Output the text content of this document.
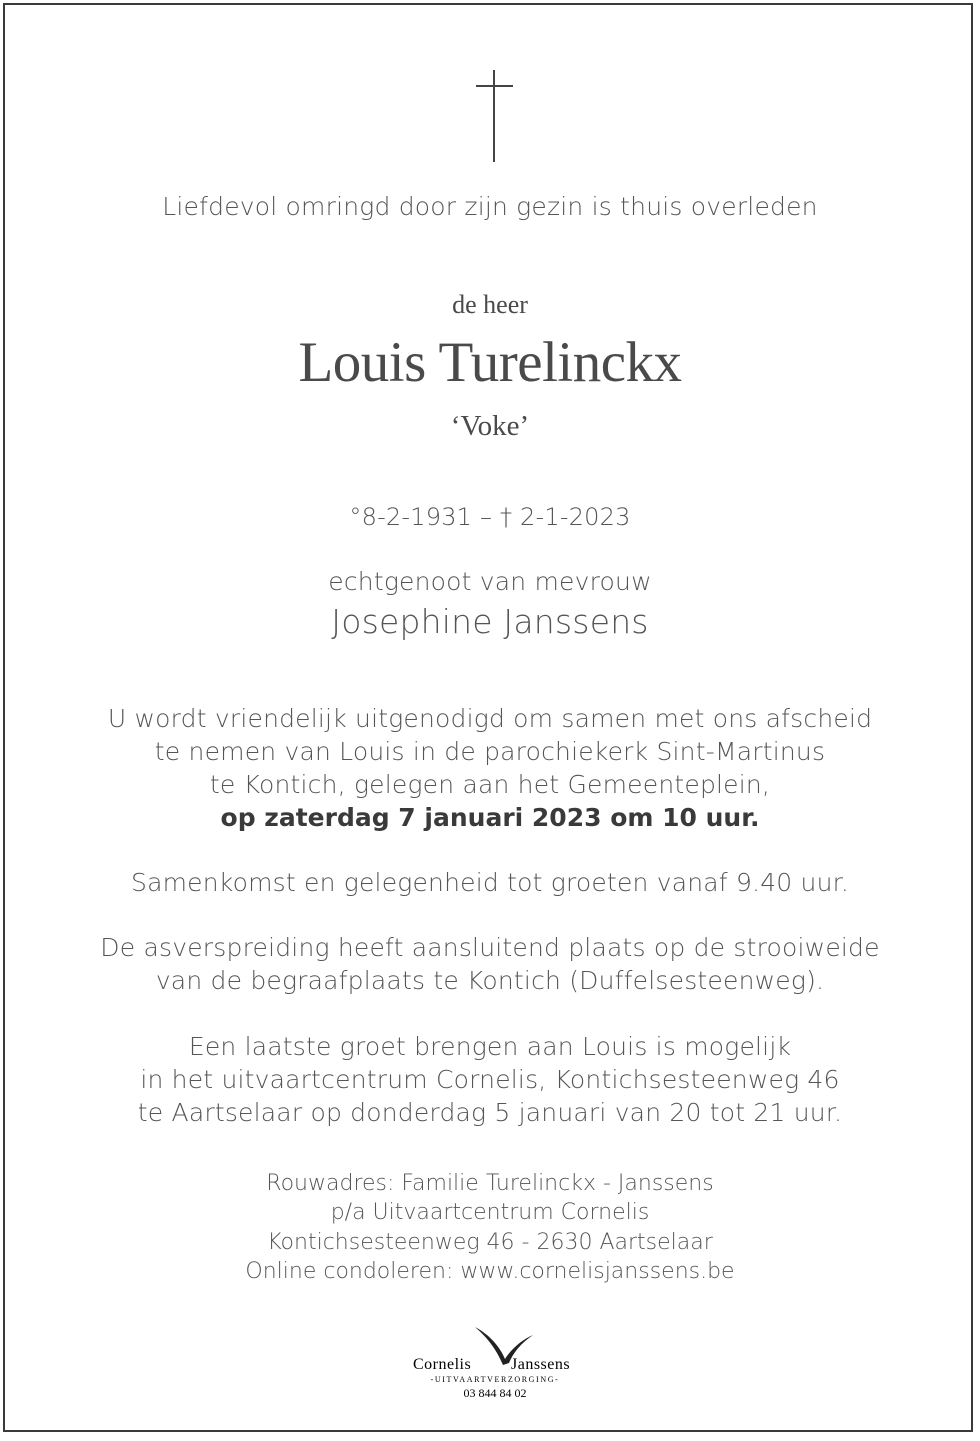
Liefdevol omringd door zijn gezin is thuis overleden
de heer
Louis Turelinckx
‘Voke’
°8-2-1931 – † 2-1-2023
echtgenoot van mevrouw
Josephine Janssens
U wordt vriendelijk uitgenodigd om samen met ons afscheid
te nemen van Louis in de parochiekerk Sint-Martinus
te Kontich, gelegen aan het Gemeenteplein,
op zaterdag 7 januari 2023 om 10 uur.
Samenkomst en gelegenheid tot groeten vanaf 9.40 uur.
De asverspreiding heeft aansluitend plaats op de strooiweide
van de begraafplaats te Kontich (Duffelsesteenweg).
Een laatste groet brengen aan Louis is mogelijk
in het uitvaartcentrum Cornelis, Kontichsesteenweg 46
te Aartselaar op donderdag 5 januari van 20 tot 21 uur.
Rouwadres: Familie Turelinckx - Janssens
p/a Uitvaartcentrum Cornelis
Kontichsesteenweg 46 - 2630 Aartselaar
Online condoleren: www.cornelisjanssens.be
Cornelis Janssens
-UITVAARTVERZORGING-
03 844 84 02
